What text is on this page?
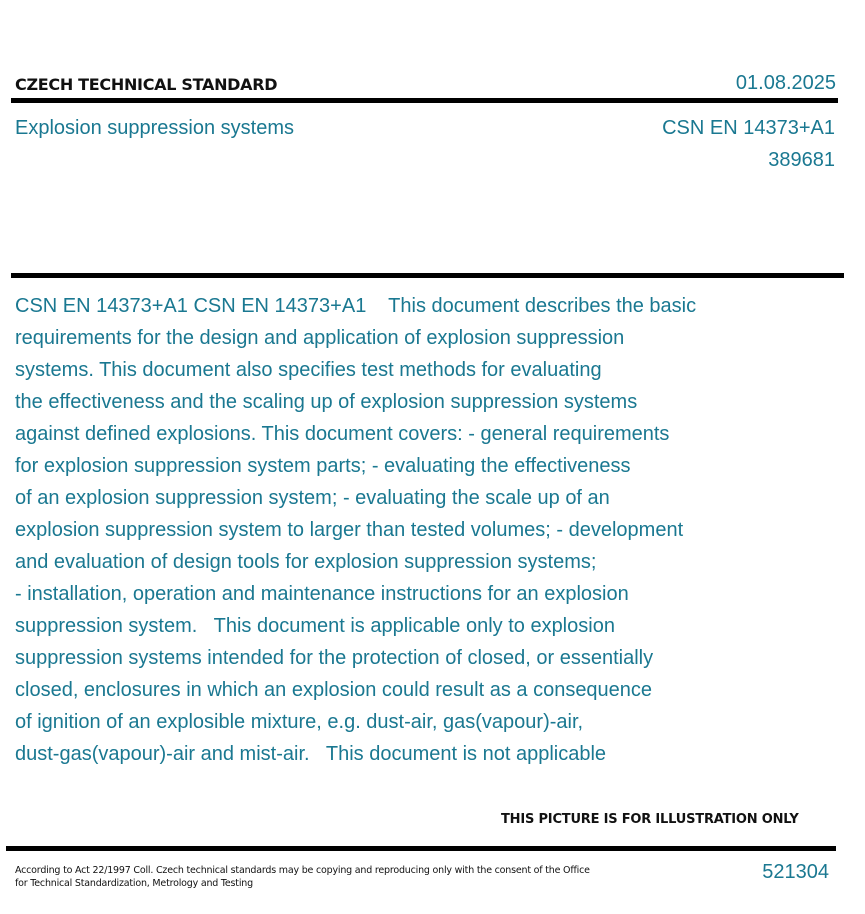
CZECH TECHNICAL STANDARD	01.08.2025
Explosion suppression systems	CSN EN 14373+A1
389681
CSN EN 14373+A1 CSN EN 14373+A1    This document describes the basic
requirements for the design and application of explosion suppression
systems. This document also specifies test methods for evaluating
the effectiveness and the scaling up of explosion suppression systems
against defined explosions. This document covers: - general requirements
for explosion suppression system parts; - evaluating the effectiveness
of an explosion suppression system; - evaluating the scale up of an
explosion suppression system to larger than tested volumes; - development
and evaluation of design tools for explosion suppression systems;
- installation, operation and maintenance instructions for an explosion
suppression system.   This document is applicable only to explosion
suppression systems intended for the protection of closed, or essentially
closed, enclosures in which an explosion could result as a consequence
of ignition of an explosible mixture, e.g. dust-air, gas(vapour)-air,
dust-gas(vapour)-air and mist-air.   This document is not applicable
THIS PICTURE IS FOR ILLUSTRATION ONLY
According to Act 22/1997 Coll. Czech technical standards may be copying and reproducing only with the consent of the Office
for Technical Standardization, Metrology and Testing
521304
